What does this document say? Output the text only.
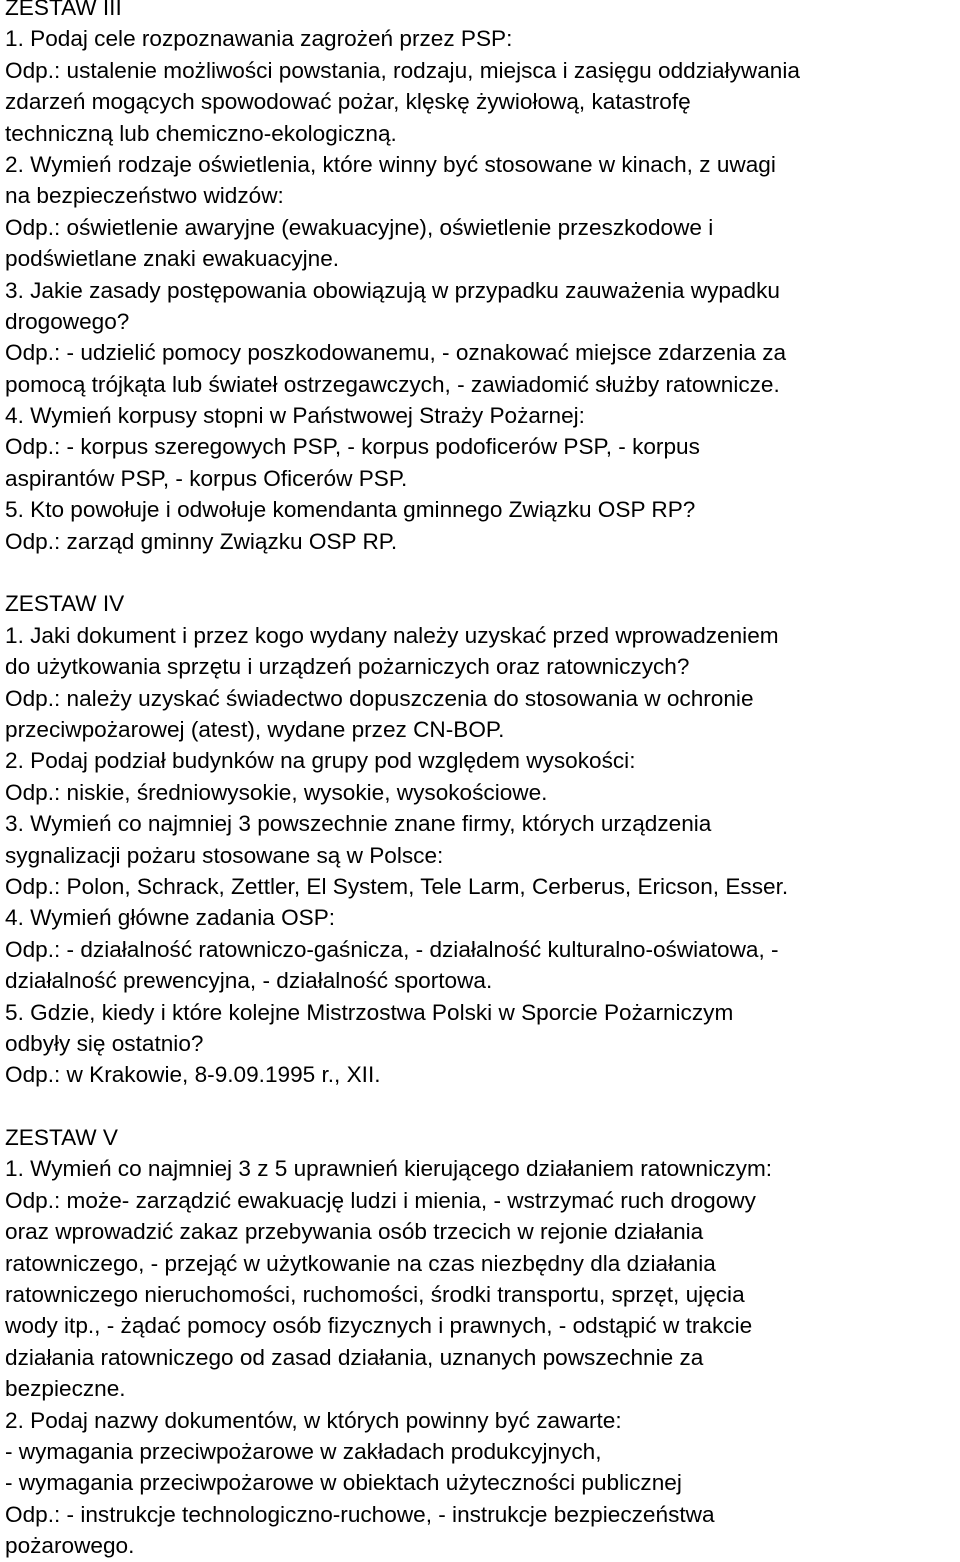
ZESTAW III
1. Podaj cele rozpoznawania zagrożeń przez PSP:
Odp.: ustalenie możliwości powstania, rodzaju, miejsca i zasięgu oddziaływania
zdarzeń mogących spowodować pożar, klęskę żywiołową, katastrofę
techniczną lub chemiczno-ekologiczną.
2. Wymień rodzaje oświetlenia, które winny być stosowane w kinach, z uwagi
na bezpieczeństwo widzów:
Odp.: oświetlenie awaryjne (ewakuacyjne), oświetlenie przeszkodowe i
podświetlane znaki ewakuacyjne.
3. Jakie zasady postępowania obowiązują w przypadku zauważenia wypadku
drogowego?
Odp.: - udzielić pomocy poszkodowanemu, - oznakować miejsce zdarzenia za
pomocą trójkąta lub świateł ostrzegawczych, - zawiadomić służby ratownicze.
4. Wymień korpusy stopni w Państwowej Straży Pożarnej:
Odp.: - korpus szeregowych PSP, - korpus podoficerów PSP, - korpus
aspirantów PSP, - korpus Oficerów PSP.
5. Kto powołuje i odwołuje komendanta gminnego Związku OSP RP?
Odp.: zarząd gminny Związku OSP RP.
ZESTAW IV
1. Jaki dokument i przez kogo wydany należy uzyskać przed wprowadzeniem
do użytkowania sprzętu i urządzeń pożarniczych oraz ratowniczych?
Odp.: należy uzyskać świadectwo dopuszczenia do stosowania w ochronie
przeciwpożarowej (atest), wydane przez CN-BOP.
2. Podaj podział budynków na grupy pod względem wysokości:
Odp.: niskie, średniowysokie, wysokie, wysokościowe.
3. Wymień co najmniej 3 powszechnie znane firmy, których urządzenia
sygnalizacji pożaru stosowane są w Polsce:
Odp.: Polon, Schrack, Zettler, El System, Tele Larm, Cerberus, Ericson, Esser.
4. Wymień główne zadania OSP:
Odp.: - działalność ratowniczo-gaśnicza, - działalność kulturalno-oświatowa, -
działalność prewencyjna, - działalność sportowa.
5. Gdzie, kiedy i które kolejne Mistrzostwa Polski w Sporcie Pożarniczym
odbyły się ostatnio?
Odp.: w Krakowie, 8-9.09.1995 r., XII.
ZESTAW V
1. Wymień co najmniej 3 z 5 uprawnień kierującego działaniem ratowniczym:
Odp.: może- zarządzić ewakuację ludzi i mienia, - wstrzymać ruch drogowy
oraz wprowadzić zakaz przebywania osób trzecich w rejonie działania
ratowniczego, - przejąć w użytkowanie na czas niezbędny dla działania
ratowniczego nieruchomości, ruchomości, środki transportu, sprzęt, ujęcia
wody itp., - żądać pomocy osób fizycznych i prawnych, - odstąpić w trakcie
działania ratowniczego od zasad działania, uznanych powszechnie za
bezpieczne.
2. Podaj nazwy dokumentów, w których powinny być zawarte:
- wymagania przeciwpożarowe w zakładach produkcyjnych,
- wymagania przeciwpożarowe w obiektach użyteczności publicznej
Odp.: - instrukcje technologiczno-ruchowe, - instrukcje bezpieczeństwa
pożarowego.
